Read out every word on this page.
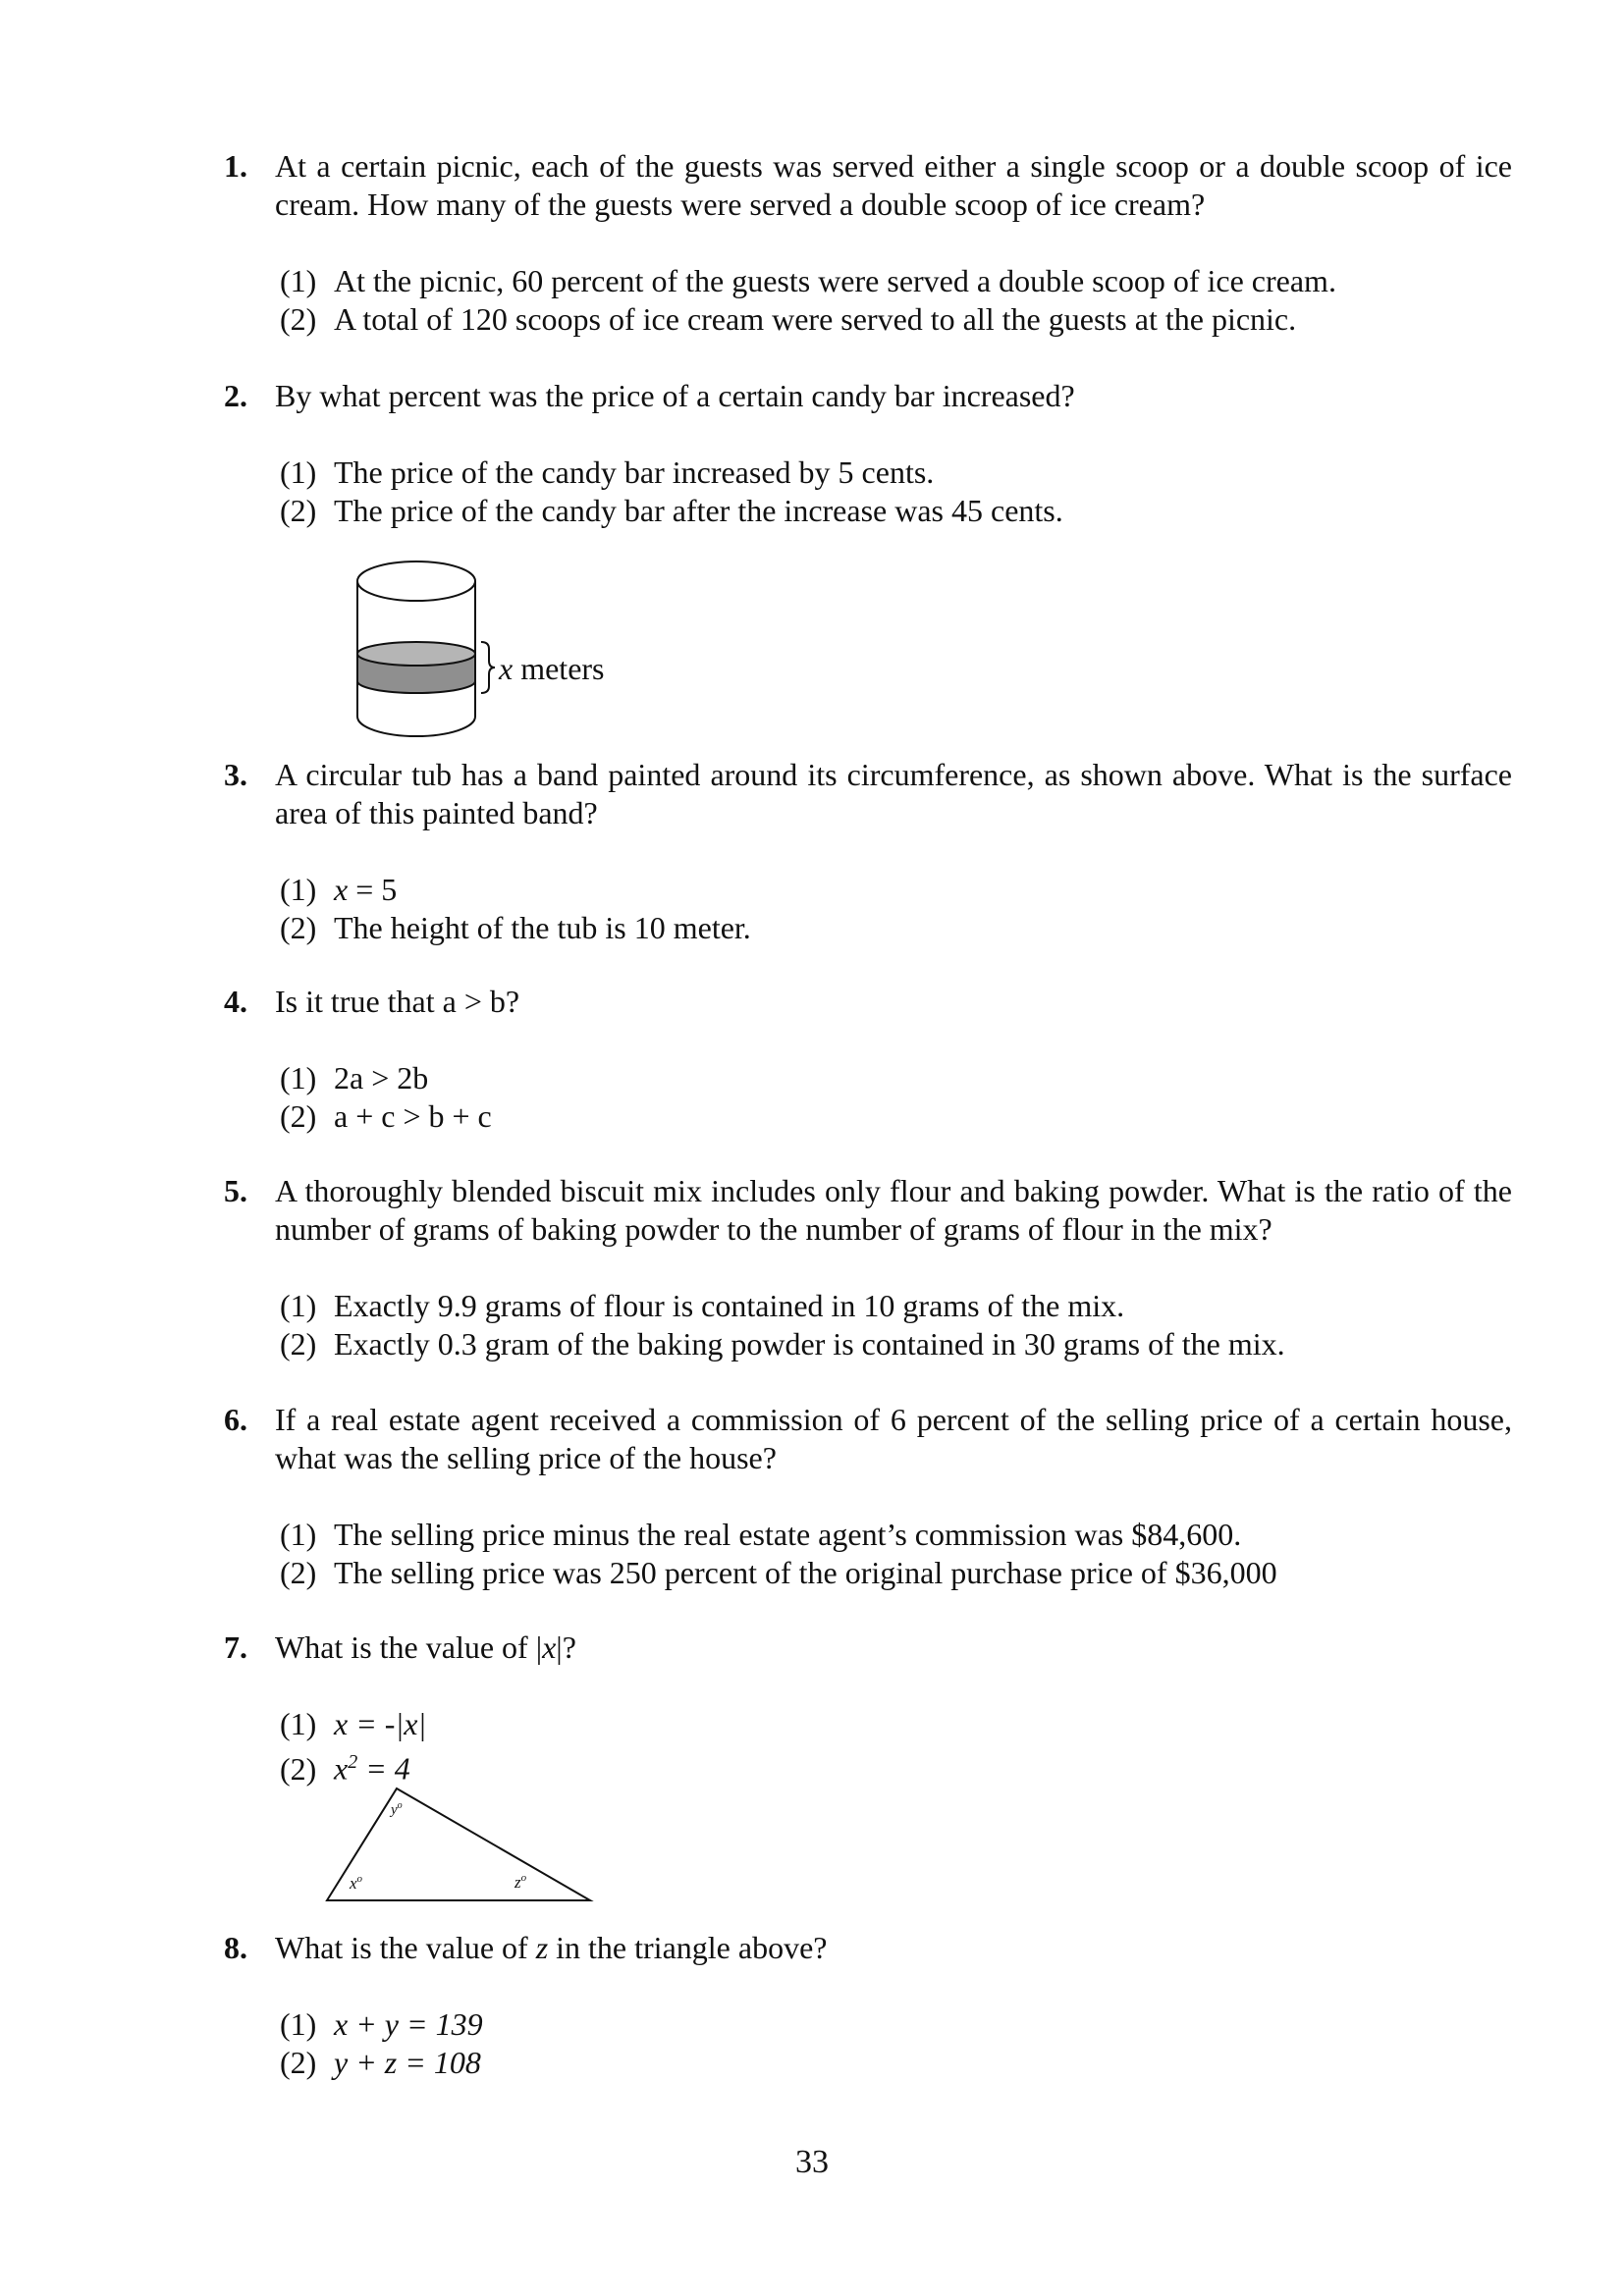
1. At a certain picnic, each of the guests was served either a single scoop or a double scoop of ice cream. How many of the guests were served a double scoop of ice cream?
(1) At the picnic, 60 percent of the guests were served a double scoop of ice cream.
(2) A total of 120 scoops of ice cream were served to all the guests at the picnic.
2. By what percent was the price of a certain candy bar increased?
(1) The price of the candy bar increased by 5 cents.
(2) The price of the candy bar after the increase was 45 cents.
x meters
3. A circular tub has a band painted around its circumference, as shown above. What is the surface area of this painted band?
(1) x = 5
(2) The height of the tub is 10 meter.
4. Is it true that a > b?
(1) 2a > 2b
(2) a + c > b + c
5. A thoroughly blended biscuit mix includes only flour and baking powder. What is the ratio of the number of grams of baking powder to the number of grams of flour in the mix?
(1) Exactly 9.9 grams of flour is contained in 10 grams of the mix.
(2) Exactly 0.3 gram of the baking powder is contained in 30 grams of the mix.
6. If a real estate agent received a commission of 6 percent of the selling price of a certain house, what was the selling price of the house?
(1) The selling price minus the real estate agent’s commission was $84,600.
(2) The selling price was 250 percent of the original purchase price of $36,000
7. What is the value of |x|?
(1) x = -|x|
(2) $x^2 = 4$
$y^o$
$x^o$	$z^o$
8. What is the value of z in the triangle above?
(1) x + y = 139
(2) y + z = 108
33
